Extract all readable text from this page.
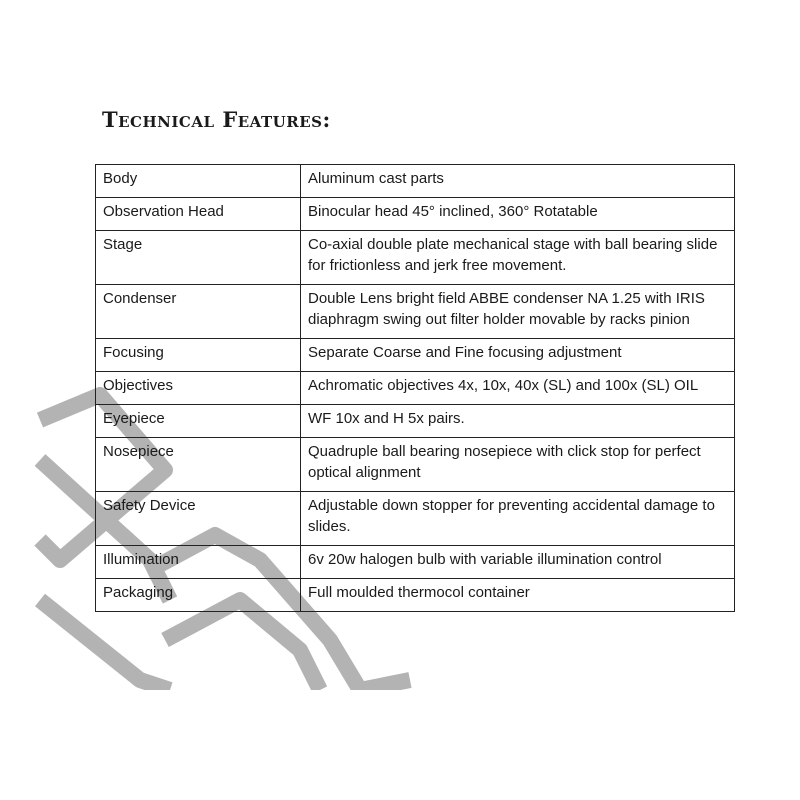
Technical Features:
Body	Aluminum cast parts
Observation Head	Binocular head 45° inclined, 360° Rotatable
Stage	Co-axial double plate mechanical stage with ball bearing slide for frictionless and jerk free movement.
Condenser	Double Lens bright field ABBE condenser NA 1.25 with IRIS diaphragm swing out filter holder movable by racks pinion
Focusing	Separate Coarse and Fine focusing adjustment
Objectives	Achromatic objectives 4x, 10x, 40x (SL) and 100x (SL) OIL
Eyepiece	WF 10x and H 5x pairs.
Nosepiece	Quadruple ball bearing nosepiece with click stop for perfect optical alignment
Safety Device	Adjustable down stopper for preventing accidental damage to slides.
Illumination	6v 20w halogen bulb with variable illumination control
Packaging	Full moulded thermocol container
